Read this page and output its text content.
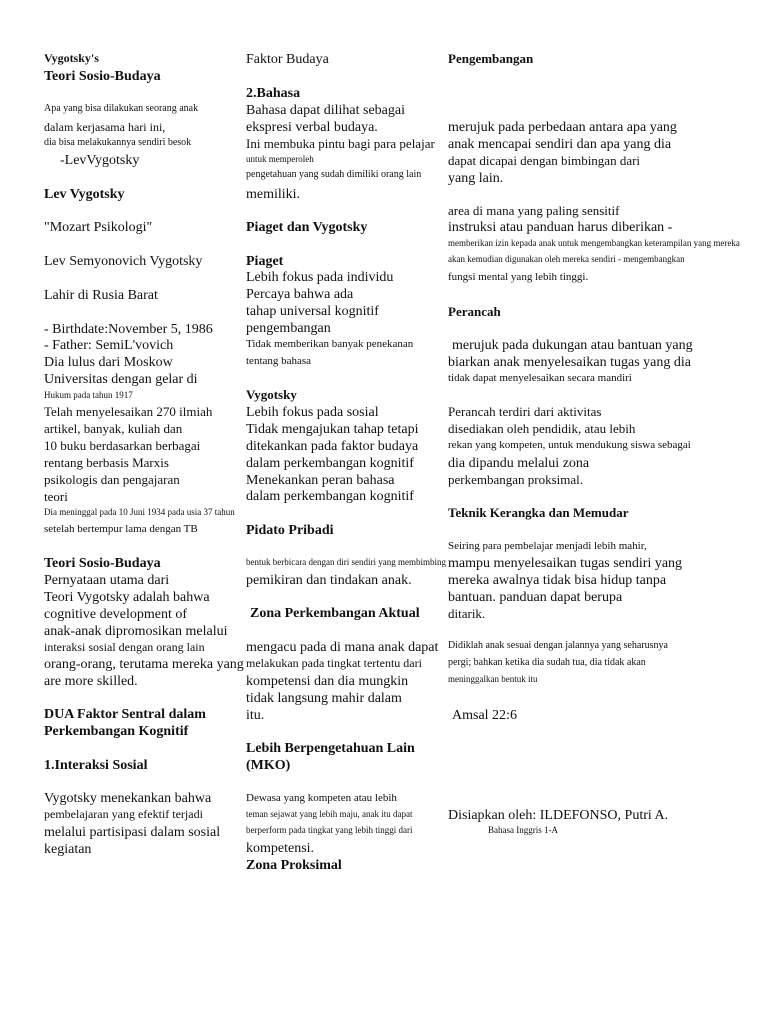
Vygotsky's
Teori Sosio-Budaya
Apa yang bisa dilakukan seorang anak
dalam kerjasama hari ini,
dia bisa melakukannya sendiri besok
-LevVygotsky
Lev Vygotsky
"Mozart Psikologi"
Lev Semyonovich Vygotsky
Lahir di Rusia Barat
- Birthdate:November 5, 1986
- Father: SemiL'vovich
Dia lulus dari Moskow
Universitas dengan gelar di
Hukum pada tahun 1917
Telah menyelesaikan 270 ilmiah
artikel, banyak, kuliah dan
10 buku berdasarkan berbagai
rentang berbasis Marxis
psikologis dan pengajaran
teori
Dia meninggal pada 10 Juni 1934 pada usia 37 tahun
setelah bertempur lama dengan TB
Teori Sosio-Budaya
Pernyataan utama dari
Teori Vygotsky adalah bahwa
cognitive development of
anak-anak dipromosikan melalui
interaksi sosial dengan orang lain
orang-orang, terutama mereka yang
are more skilled.
DUA Faktor Sentral dalam
Perkembangan Kognitif
1.Interaksi Sosial
Vygotsky menekankan bahwa
pembelajaran yang efektif terjadi
melalui partisipasi dalam sosial
kegiatan
Faktor Budaya
2.Bahasa
Bahasa dapat dilihat sebagai
ekspresi verbal budaya.
Ini membuka pintu bagi para pelajar
untuk memperoleh
pengetahuan yang sudah dimiliki orang lain
memiliki.
Piaget dan Vygotsky
Piaget
Lebih fokus pada individu
Percaya bahwa ada
tahap universal kognitif
pengembangan
Tidak memberikan banyak penekanan
tentang bahasa
Vygotsky
Lebih fokus pada sosial
Tidak mengajukan tahap tetapi
ditekankan pada faktor budaya
dalam perkembangan kognitif
Menekankan peran bahasa
dalam perkembangan kognitif
Pidato Pribadi
bentuk berbicara dengan diri sendiri yang membimbing
pemikiran dan tindakan anak.
Zona Perkembangan Aktual
mengacu pada di mana anak dapat
melakukan pada tingkat tertentu dari
kompetensi dan dia mungkin
tidak langsung mahir dalam
itu.
Lebih Berpengetahuan Lain
(MKO)
Dewasa yang kompeten atau lebih
teman sejawat yang lebih maju, anak itu dapat
berperform pada tingkat yang lebih tinggi dari
kompetensi.
Zona Proksimal
Pengembangan
merujuk pada perbedaan antara apa yang
anak mencapai sendiri dan apa yang dia
dapat dicapai dengan bimbingan dari
yang lain.
area di mana yang paling sensitif
instruksi atau panduan harus diberikan -
memberikan izin kepada anak untuk mengembangkan keterampilan yang mereka
akan kemudian digunakan oleh mereka sendiri - mengembangkan
fungsi mental yang lebih tinggi.
Perancah
merujuk pada dukungan atau bantuan yang
biarkan anak menyelesaikan tugas yang dia
tidak dapat menyelesaikan secara mandiri
Perancah terdiri dari aktivitas
disediakan oleh pendidik, atau lebih
rekan yang kompeten, untuk mendukung siswa sebagai
dia dipandu melalui zona
perkembangan proksimal.
Teknik Kerangka dan Memudar
Seiring para pembelajar menjadi lebih mahir,
mampu menyelesaikan tugas sendiri yang
mereka awalnya tidak bisa hidup tanpa
bantuan. panduan dapat berupa
ditarik.
Didiklah anak sesuai dengan jalannya yang seharusnya
pergi; bahkan ketika dia sudah tua, dia tidak akan
meninggalkan bentuk itu
Amsal 22:6
Disiapkan oleh: ILDEFONSO, Putri A.
Bahasa Inggris 1-A
